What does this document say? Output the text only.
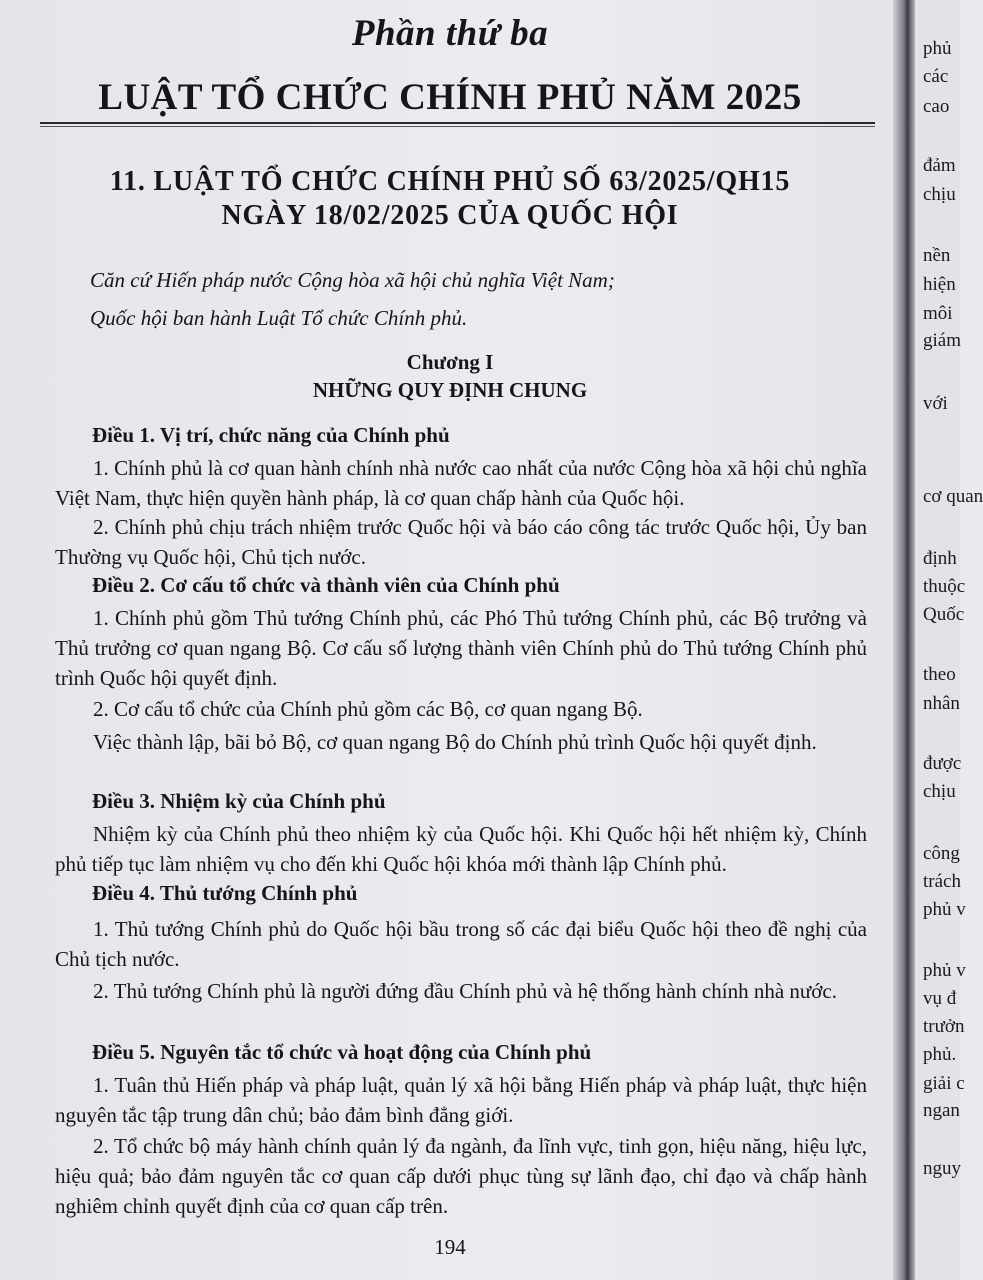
Phần thứ ba
LUẬT TỔ CHỨC CHÍNH PHỦ NĂM 2025
11. LUẬT TỔ CHỨC CHÍNH PHỦ SỐ 63/2025/QH15
NGÀY 18/02/2025 CỦA QUỐC HỘI
Căn cứ Hiến pháp nước Cộng hòa xã hội chủ nghĩa Việt Nam;
Quốc hội ban hành Luật Tổ chức Chính phủ.
Chương I
NHỮNG QUY ĐỊNH CHUNG
Điều 1. Vị trí, chức năng của Chính phủ
1. Chính phủ là cơ quan hành chính nhà nước cao nhất của nước Cộng hòa xã hội chủ nghĩa Việt Nam, thực hiện quyền hành pháp, là cơ quan chấp hành của Quốc hội.
2. Chính phủ chịu trách nhiệm trước Quốc hội và báo cáo công tác trước Quốc hội, Ủy ban Thường vụ Quốc hội, Chủ tịch nước.
Điều 2. Cơ cấu tổ chức và thành viên của Chính phủ
1. Chính phủ gồm Thủ tướng Chính phủ, các Phó Thủ tướng Chính phủ, các Bộ trưởng và Thủ trưởng cơ quan ngang Bộ. Cơ cấu số lượng thành viên Chính phủ do Thủ tướng Chính phủ trình Quốc hội quyết định.
2. Cơ cấu tổ chức của Chính phủ gồm các Bộ, cơ quan ngang Bộ.
Việc thành lập, bãi bỏ Bộ, cơ quan ngang Bộ do Chính phủ trình Quốc hội quyết định.
Điều 3. Nhiệm kỳ của Chính phủ
Nhiệm kỳ của Chính phủ theo nhiệm kỳ của Quốc hội. Khi Quốc hội hết nhiệm kỳ, Chính phủ tiếp tục làm nhiệm vụ cho đến khi Quốc hội khóa mới thành lập Chính phủ.
Điều 4. Thủ tướng Chính phủ
1. Thủ tướng Chính phủ do Quốc hội bầu trong số các đại biểu Quốc hội theo đề nghị của Chủ tịch nước.
2. Thủ tướng Chính phủ là người đứng đầu Chính phủ và hệ thống hành chính nhà nước.
Điều 5. Nguyên tắc tổ chức và hoạt động của Chính phủ
1. Tuân thủ Hiến pháp và pháp luật, quản lý xã hội bằng Hiến pháp và pháp luật, thực hiện nguyên tắc tập trung dân chủ; bảo đảm bình đẳng giới.
2. Tổ chức bộ máy hành chính quản lý đa ngành, đa lĩnh vực, tinh gọn, hiệu năng, hiệu lực, hiệu quả; bảo đảm nguyên tắc cơ quan cấp dưới phục tùng sự lãnh đạo, chỉ đạo và chấp hành nghiêm chỉnh quyết định của cơ quan cấp trên.
194
phủ
các
cao
đảm
chịu
nền
hiện
môi
giám
với
cơ quan
định
thuộc
Quốc
theo
nhân
được
chịu
công
trách
phủ v
phủ v
vụ đ
trưởn
phủ.
giải c
ngan
nguy
